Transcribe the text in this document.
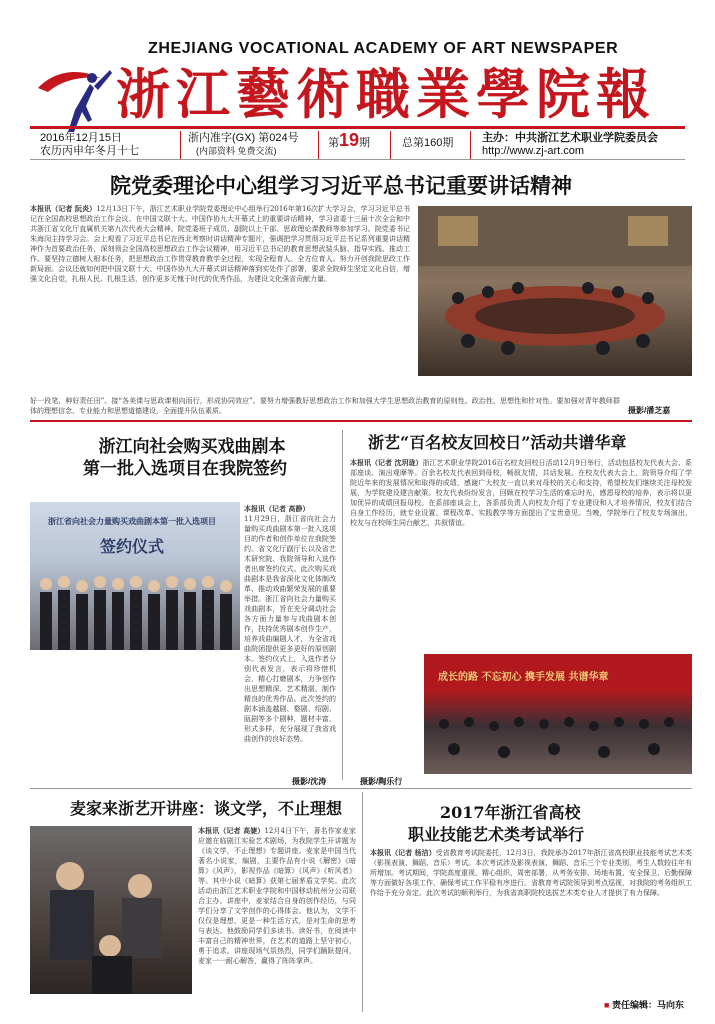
ZHEJIANG VOCATIONAL ACADEMY OF ART NEWSPAPER
浙江藝術職業學院報
2016年12月15日
农历丙申年冬月十七
浙内准字(GX) 第024号
(内部资料 免费交流)
第19期	总第160期	主办：中共浙江艺术职业学院委员会
http://www.zj-art.com
院党委理论中心组学习习近平总书记重要讲话精神
本报讯（记者 阮炎）12月13日下午，浙江艺术职业学院党委理论中心组举行2016年第16次扩大学习会，学习习近平总书记在全国高校思想政治工作会议、在中国文联十大、中国作协九大开幕式上的重要讲话精神，学习省委十三届十次全会和中共浙江省文化厅直属机关第九次代表大会精神。院党委班子成员、副院以上干部、思政理论课教师等参加学习。院党委书记朱海闵主持学习会。会上观看了习近平总书记在西北考察时讲话精神专题片，强调把学习贯彻习近平总书记系列重要讲话精神作为首要政治任务，深刻领会全国高校思想政治工作会议精神，用习近平总书记的教育思想武装头脑、指导实践、推动工作。要坚持立德树人根本任务，把思想政治工作贯穿教育教学全过程，实现全程育人、全方位育人。努力开创我院思政工作新局面。会议还就如何把中国文联十大、中国作协九大开幕式讲话精神落到实处作了部署，要求全院师生坚定文化自信，增强文化自觉，扎根人民、扎根生活，创作更多无愧于时代的优秀作品，为建设文化强省贡献力量。
摄影/潘芝嘉
好一段笔、种好责任田”。接“各美课与思政课相向而行，形成协同效应”。要努力增强教好思想政治工作和加强大学生思想政治教育的原则性。政治性、思想性和针对性。要加强对青年教师群体的理想信念、专业能力和思想道德建设，全面提升队伍素质。
浙江向社会购买戏曲剧本
第一批入选项目在我院签约
浙江省向社会力量购买戏曲剧本第一批入选项目
签约仪式
本报讯（记者 高静）
11月29日，浙江省向社会力量购买戏曲剧本第一批入选项目的作者和创作单位在我院签约。省文化厅副厅长以及省艺术研究院、我院领导和入选作者出席签约仪式。此次购买戏曲剧本是我省深化文化体制改革、推动戏曲繁荣发展的重要举措。浙江省向社会力量购买戏曲剧本，旨在充分调动社会各方面力量参与戏曲剧本创作，扶持优秀剧本创作生产，培养戏曲编剧人才，为全省戏曲院团提供更多更好的原创剧本。签约仪式上，入选作者分别代表发言，表示将珍惜机会，精心打磨剧本，力争创作出思想精深、艺术精湛、制作精良的优秀作品。此次签约的剧本涵盖越剧、婺剧、绍剧、瓯剧等多个剧种，题材丰富，形式多样，充分展现了我省戏曲创作的良好态势。
摄影/沈涛
浙艺“百名校友回校日”活动共谱华章
本报讯（记者 沈玥珑）浙江艺术职业学院2016百名校友回校日活动12月9日举行，活动包括校友代表大会、系部座谈、演出观摩等。百余名校友代表回到母校，畅叙友情，共话发展。在校友代表大会上，院领导介绍了学院近年来的发展情况和取得的成绩，感谢广大校友一直以来对母校的关心和支持，希望校友们继续关注母校发展，为学院建设建言献策。校友代表纷纷发言，回顾在校学习生活的难忘时光，感恩母校的培养，表示将以更加优异的成绩回报母校。在系部座谈会上，各系部负责人向校友介绍了专业建设和人才培养情况，校友们结合自身工作经历，就专业设置、课程改革、实践教学等方面提出了宝贵意见。当晚，学院举行了校友专场演出，校友与在校师生同台献艺，共叙情谊。
成长的路 不忘初心 携手发展 共谱华章
摄影/陶乐行
麦家来浙艺开讲座：谈文学，不止理想
本报讯（记者 高婕）12月4日下午，著名作家麦家应邀在临剧江实验艺术剧场，为我院学生开讲题为《谈文学，不止理想》专题讲座。麦家是中国当代著名小说家，编剧，主要作品有小说《解密》《暗算》《风声》，影视作品《暗算》《风声》《听风者》等。其中小说《暗算》获第七届茅盾文学奖。此次活动由浙江艺术职业学院和中国移动杭州分公司联合主办。讲座中，麦家结合自身的创作经历，与同学们分享了文学创作的心得体会。他认为，文学不仅仅是理想，更是一种生活方式，是对生命的思考与表达。他鼓励同学们多读书、读好书，在阅读中丰富自己的精神世界，在艺术的道路上坚守初心，勇于追求。讲座现场气氛热烈，同学们踊跃提问，麦家一一耐心解答，赢得了阵阵掌声。
2017年浙江省高校
职业技能艺术类考试举行
本报讯（记者 杨洁）受省教育考试院委托，12月3日，我院承办2017年浙江省高校职业技能考试艺术类（影视表演、舞蹈、音乐）考试。本次考试涉及影视表演、舞蹈、音乐三个专业类别，考生人数较往年有所增加。考试期间，学院高度重视，精心组织，周密部署，从考务安排、场地布置、安全保卫、后勤保障等方面做好各项工作，确保考试工作平稳有序进行。省教育考试院领导到考点巡视，对我院的考务组织工作给予充分肯定。此次考试的顺利举行，为我省高职院校选拔艺术类专业人才提供了有力保障。
■ 责任编辑：马向东
